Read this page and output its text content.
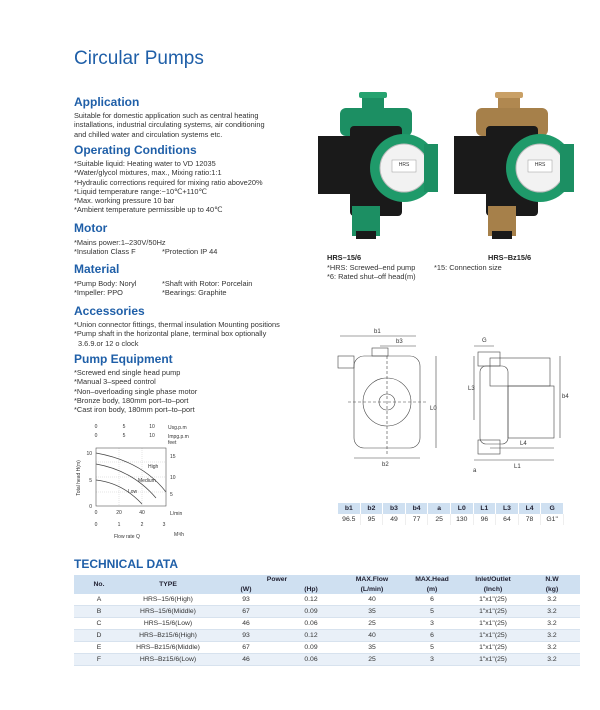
Circular Pumps
Application
Suitable for domestic application such as central heating
installations, industrial circulating systems, air conditioning
and chilled water and circulation systems etc.
Operating Conditions
*Suitable liquid: Heating water to VD 12035
*Water/glycol mixtures, max., Mixing ratio:1:1
*Hydraulic corrections required for mixing ratio above20%
*Liquid temperature range:−10℃+110℃
*Max. working pressure 10 bar
*Ambient temperature permissible up to 40℃
Motor
*Mains power:1–230V/50Hz
*Insulation Class F	*Protection IP 44
Material
*Pump Body: Noryl	*Shaft with Rotor: Porcelain
*Impeller: PPO	*Bearings: Graphite
Accessories
*Union connector fittings, thermal insulation Mounting positions
*Pump shaft in the horizontal plane, terminal box optionally
3.6.9.or 12 o clock
Pump Equipment
*Screwed end single head pump
*Manual 3–speed control
*Non–overloading single phase motor
*Bronze body, 180mm port–to–port
*Cast iron body, 180mm port–to–port
HRS	HRS
HRS–15/6	HRS–Bz15/6
*HRS: Screwed–end pump	*15: Connection size
*6: Rated shut–off head(m)
b1
b3
b2
L0
L3
G
b4
L4
L1
a
b1	b2	b3	b4	a	L0	L1	L3	L4	G
96.5	95	49	77	25	130	96	64	78	G1"
0	5	10	Usg.p.m
0	5	10	Impg.p.m
feet
10
5
0
Total head H(m)
15
10
5
0	20	40	L/min
0	1	2	3
Flow rate Q	M³/h
High
Medium
Low
TECHNICAL DATA
No.	TYPE	Power		MAX.Flow	MAX.Head	Inlet/Outlet	N.W
		(W)	(Hp)	(L/min)	(m)	(Inch)	(kg)
A	HRS–15/6(High)	93	0.12	40	6	1"x1"(25)	3.2
B	HRS–15/6(Middle)	67	0.09	35	5	1"x1"(25)	3.2
C	HRS–15/6(Low)	46	0.06	25	3	1"x1"(25)	3.2
D	HRS–Bz15/6(High)	93	0.12	40	6	1"x1"(25)	3.2
E	HRS–Bz15/6(Middle)	67	0.09	35	5	1"x1"(25)	3.2
F	HRS–Bz15/6(Low)	46	0.06	25	3	1"x1"(25)	3.2
